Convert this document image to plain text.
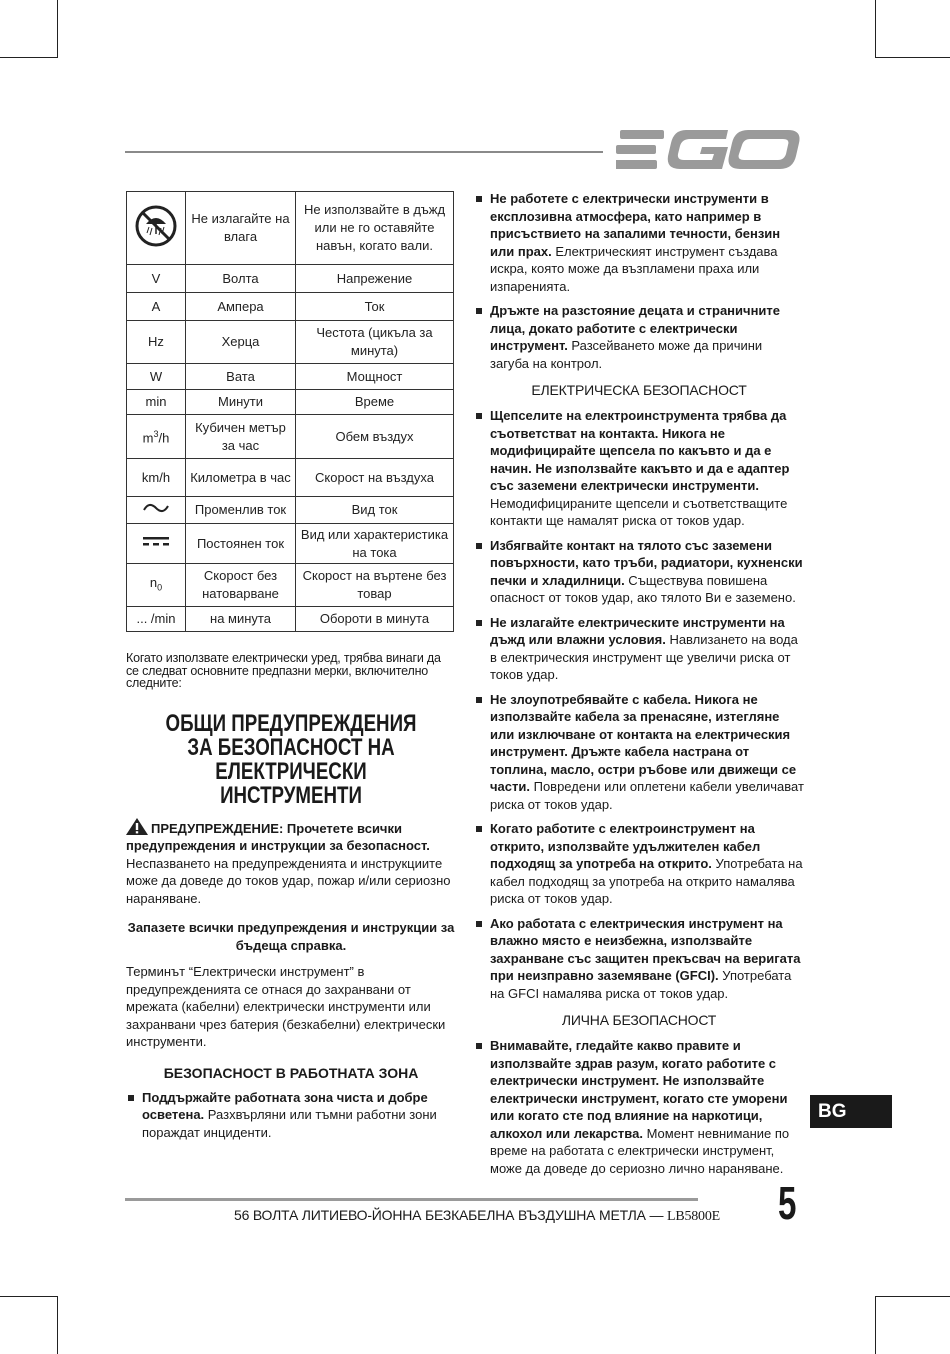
	Не излагайте на влага	Не използвайте в дъжд или не го оставяйте навън, когато вали.
V	Волта	Напрежение
A	Ампера	Ток
Hz	Херца	Честота (цикъла за минута)
W	Вата	Мощност
min	Минути	Време
$m^3/h$	Кубичен метър за час	Обем въздух
km/h	Километра в час	Скорост на въздуха
	Променлив ток	Вид ток
	Постоянен ток	Вид или характеристика на тока
$n_0$	Скорост без натоварване	Скорост на въртене без товар
... /min	на минута	Обороти в минута

Когато използвате електрически уред, трябва винаги да се следват основните предпазни мерки, включително следните:

ОБЩИ ПРЕДУПРЕЖДЕНИЯ ЗА БЕЗОПАСНОСТ НА ЕЛЕКТРИЧЕСКИ ИНСТРУМЕНТИ

ПРЕДУПРЕЖДЕНИЕ: Прочетете всички предупреждения и инструкции за безопасност. Неспазването на предупрежденията и инструкциите може да доведе до токов удар, пожар и/или сериозно нараняване.

Запазете всички предупреждения и инструкции за бъдеща справка.

Терминът “Електрически инструмент” в предупрежденията се отнася до захранвани от мрежата (кабелни) електрически инструменти или захранвани чрез батерия (безкабелни) електрически инструменти.

БЕЗОПАСНОСТ В РАБОТНАТА ЗОНА
Поддържайте работната зона чиста и добре осветена. Разхвърляни или тъмни работни зони пораждат инциденти.
Не работете с електрически инструменти в експлозивна атмосфера, като например в присъствието на запалими течности, бензин или прах. Електрическият инструмент създава искра, която може да възпламени праха или изпаренията.
Дръжте на разстояние децата и страничните лица, докато работите с електрически инструмент. Разсейването може да причини загуба на контрол.
ЕЛЕКТРИЧЕСКА БЕЗОПАСНОСТ
Щепселите на електроинструмента трябва да съответстват на контакта. Никога не модифицирайте щепсела по какъвто и да е начин. Не използвайте какъвто и да е адаптер със заземени електрически инструменти. Немодифицираните щепсели и съответстващите контакти ще намалят риска от токов удар.
Избягвайте контакт на тялото със заземени повърхности, като тръби, радиатори, кухненски печки и хладилници. Съществува повишена опасност от токов удар, ако тялото Ви е заземено.
Не излагайте електрическите инструменти на дъжд или влажни условия. Навлизането на вода в електрическия инструмент ще увеличи риска от токов удар.
Не злоупотребявайте с кабела. Никога не използвайте кабела за пренасяне, изтегляне или изключване от контакта на електрическия инструмент. Дръжте кабела настрана от топлина, масло, остри ръбове или движещи се части. Повредени или оплетени кабели увеличават риска от токов удар.
Когато работите с електроинструмент на открито, използвайте удължителен кабел подходящ за употреба на открито. Употребата на кабел подходящ за употреба на открито намалява риска от токов удар.
Ако работата с електрическия инструмент на влажно място е неизбежна, използвайте захранване със защитен прекъсвач на веригата при неизправно заземяване (GFCI). Употребата на GFCI намалява риска от токов удар.
ЛИЧНА БЕЗОПАСНОСТ
Внимавайте, гледайте какво правите и използвайте здрав разум, когато работите с електрически инструмент. Не използвайте електрически инструмент, когато сте уморени или когато сте под влияние на наркотици, алкохол или лекарства. Момент невнимание по време на работата с електрически инструмент, може да доведе до сериозно лично нараняване.
BG
56 ВОЛТА ЛИТИЕВО-ЙОННА БЕЗКАБЕЛНА ВЪЗДУШНА МЕТЛА — LB5800E 5
